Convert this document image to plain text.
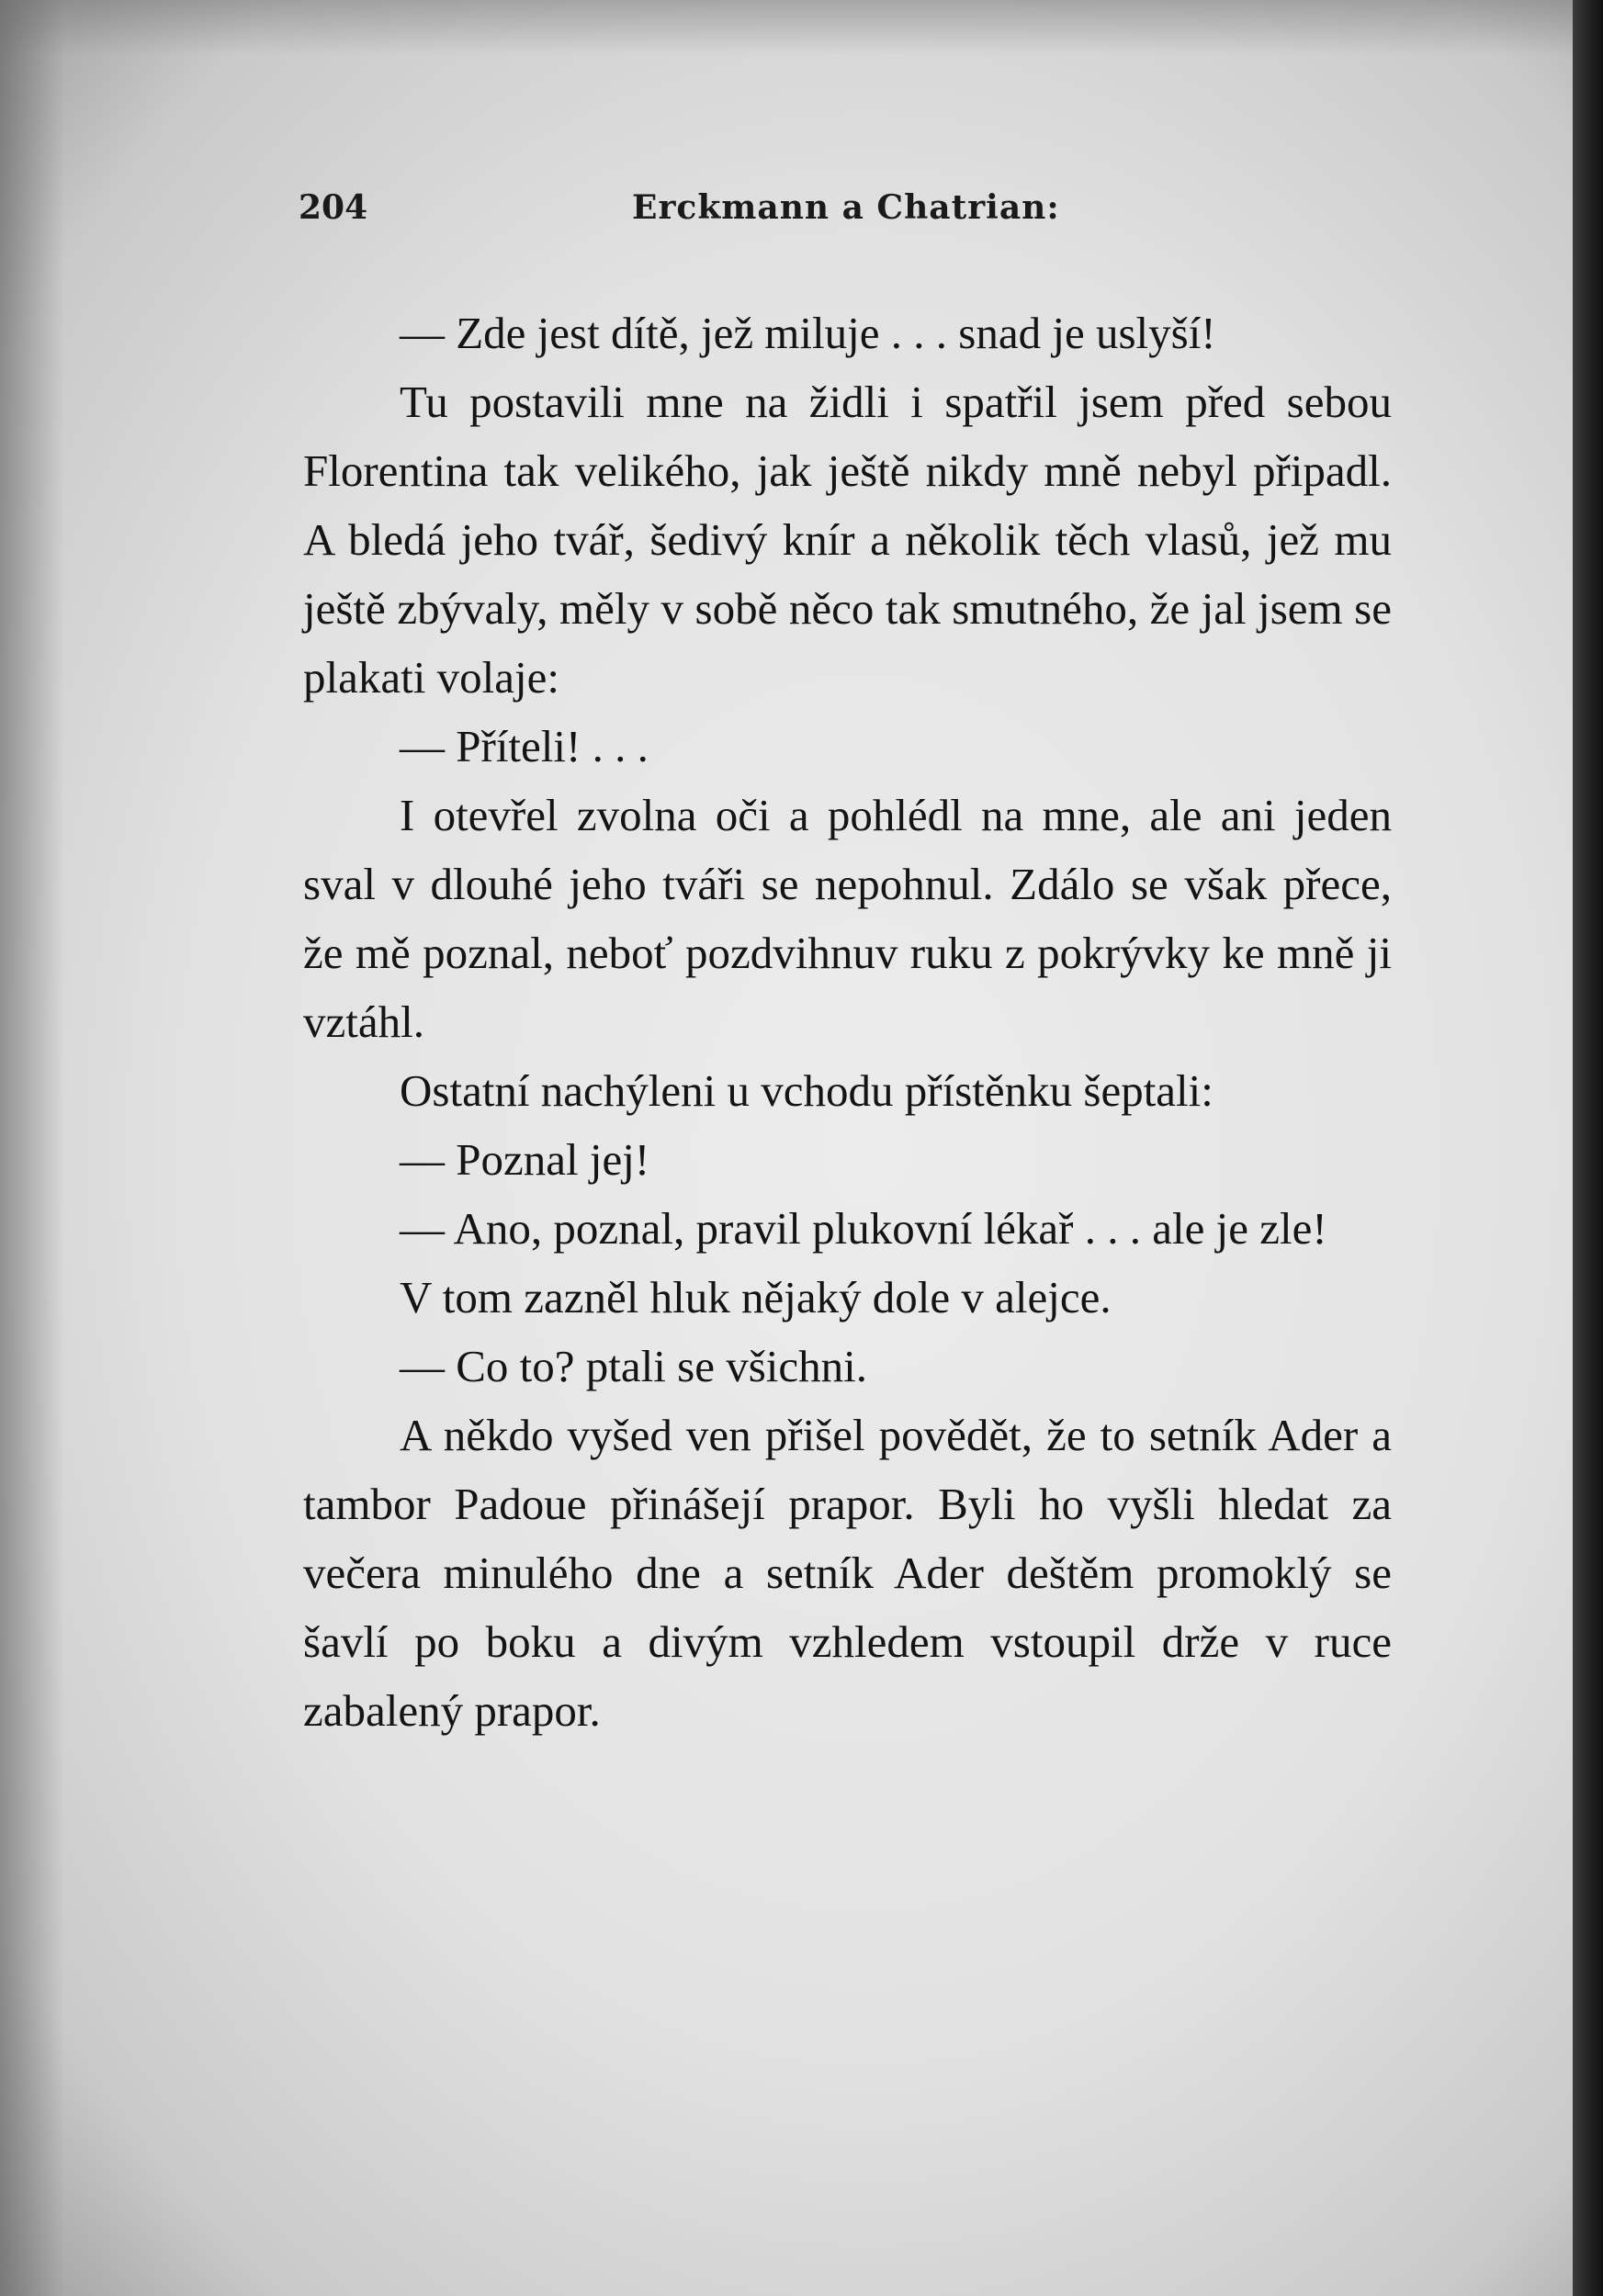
204	Erckmann a Chatrian:

— Zde jest dítě, jež miluje . . . snad je uslyší!

Tu postavili mne na židli i spatřil jsem před sebou Florentina tak velikého, jak ještě nikdy mně nebyl připadl. A bledá jeho tvář, šedivý knír a několik těch vlasů, jež mu ještě zbývaly, měly v sobě něco tak smutného, že jal jsem se plakati volaje:

— Příteli! . . .

I otevřel zvolna oči a pohlédl na mne, ale ani jeden sval v dlouhé jeho tváři se nepohnul. Zdálo se však přece, že mě poznal, neboť pozdvihnuv ruku z pokrývky ke mně ji vztáhl.

Ostatní nachýleni u vchodu přístěnku šeptali:

— Poznal jej!

— Ano, poznal, pravil plukovní lékař . . . ale je zle!

V tom zazněl hluk nějaký dole v alejce.

— Co to? ptali se všichni.

A někdo vyšed ven přišel povědět, že to setník Ader a tambor Padoue přinášejí prapor. Byli ho vyšli hledat za večera minulého dne a setník Ader deštěm promoklý se šavlí po boku a divým vzhledem vstoupil drže v ruce zabalený prapor.
